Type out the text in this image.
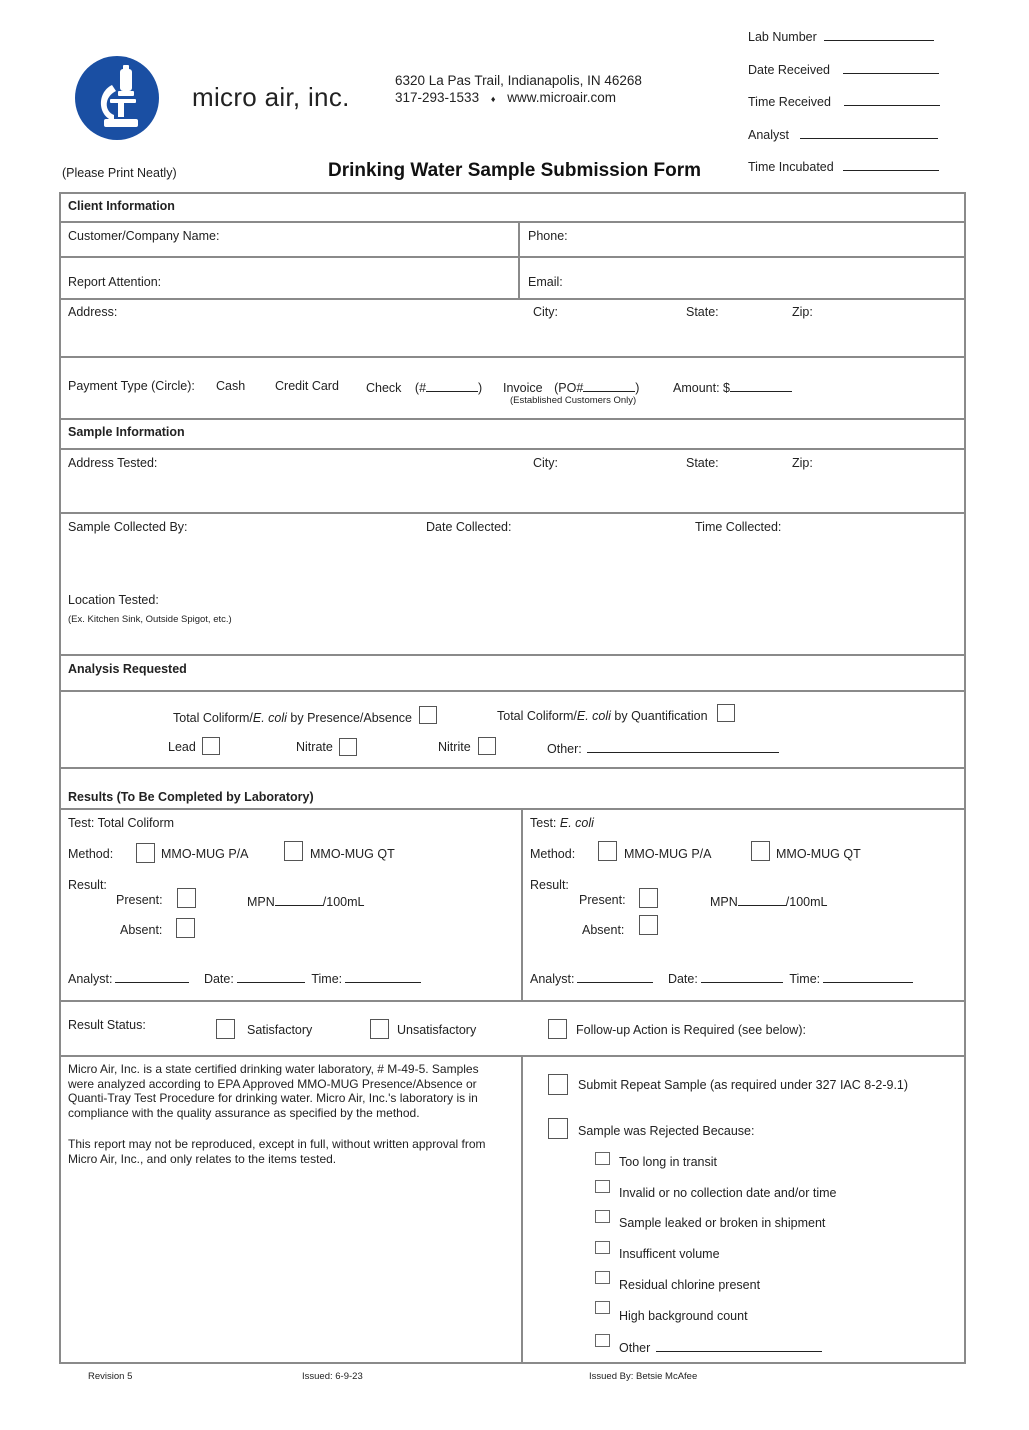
micro air, inc.
6320 La Pas Trail, Indianapolis, IN 46268
317-293-1533 ♦ www.microair.com
Lab Number
Date Received
Time Received
Analyst
Time Incubated
(Please Print Neatly)	Drinking Water Sample Submission Form
Client Information
Customer/Company Name:	Phone:
Report Attention:	Email:
Address:	City:	State:	Zip:
Payment Type (Circle): Cash Credit Card Check (#	) Invoice (PO#	)
(Established Customers Only)
Amount: $
Sample Information
Address Tested:	City:	State:	Zip:
Sample Collected By:	Date Collected:	Time Collected:
Location Tested:
(Ex. Kitchen Sink, Outside Spigot, etc.)
Analysis Requested
Total Coliform/E. coli by Presence/Absence	Total Coliform/E. coli by Quantification
Lead	Nitrate	Nitrite	Other:
Results (To Be Completed by Laboratory)
Test: Total Coliform
Method:	MMO-MUG P/A	MMO-MUG QT
Result:
Present:
Absent:
MPN	/100mL
Analyst:	Date:	Time:
Test: E. coli
Method:	MMO-MUG P/A	MMO-MUG QT
Result:
Present:
Absent:
MPN	/100mL
Analyst:	Date:	Time:
Result Status:	Satisfactory	Unsatisfactory	Follow-up Action is Required (see below):
Micro Air, Inc. is a state certified drinking water laboratory, # M-49-5. Samples were analyzed according to EPA Approved MMO-MUG Presence/Absence or Quanti-Tray Test Procedure for drinking water. Micro Air, Inc.'s laboratory is in compliance with the quality assurance as specified by the method.
This report may not be reproduced, except in full, without written approval from Micro Air, Inc., and only relates to the items tested.
Submit Repeat Sample (as required under 327 IAC 8-2-9.1)
Sample was Rejected Because:
Too long in transit
Invalid or no collection date and/or time
Sample leaked or broken in shipment
Insufficent volume
Residual chlorine present
High background count
Other
Revision 5	Issued: 6-9-23	Issued By: Betsie McAfee
